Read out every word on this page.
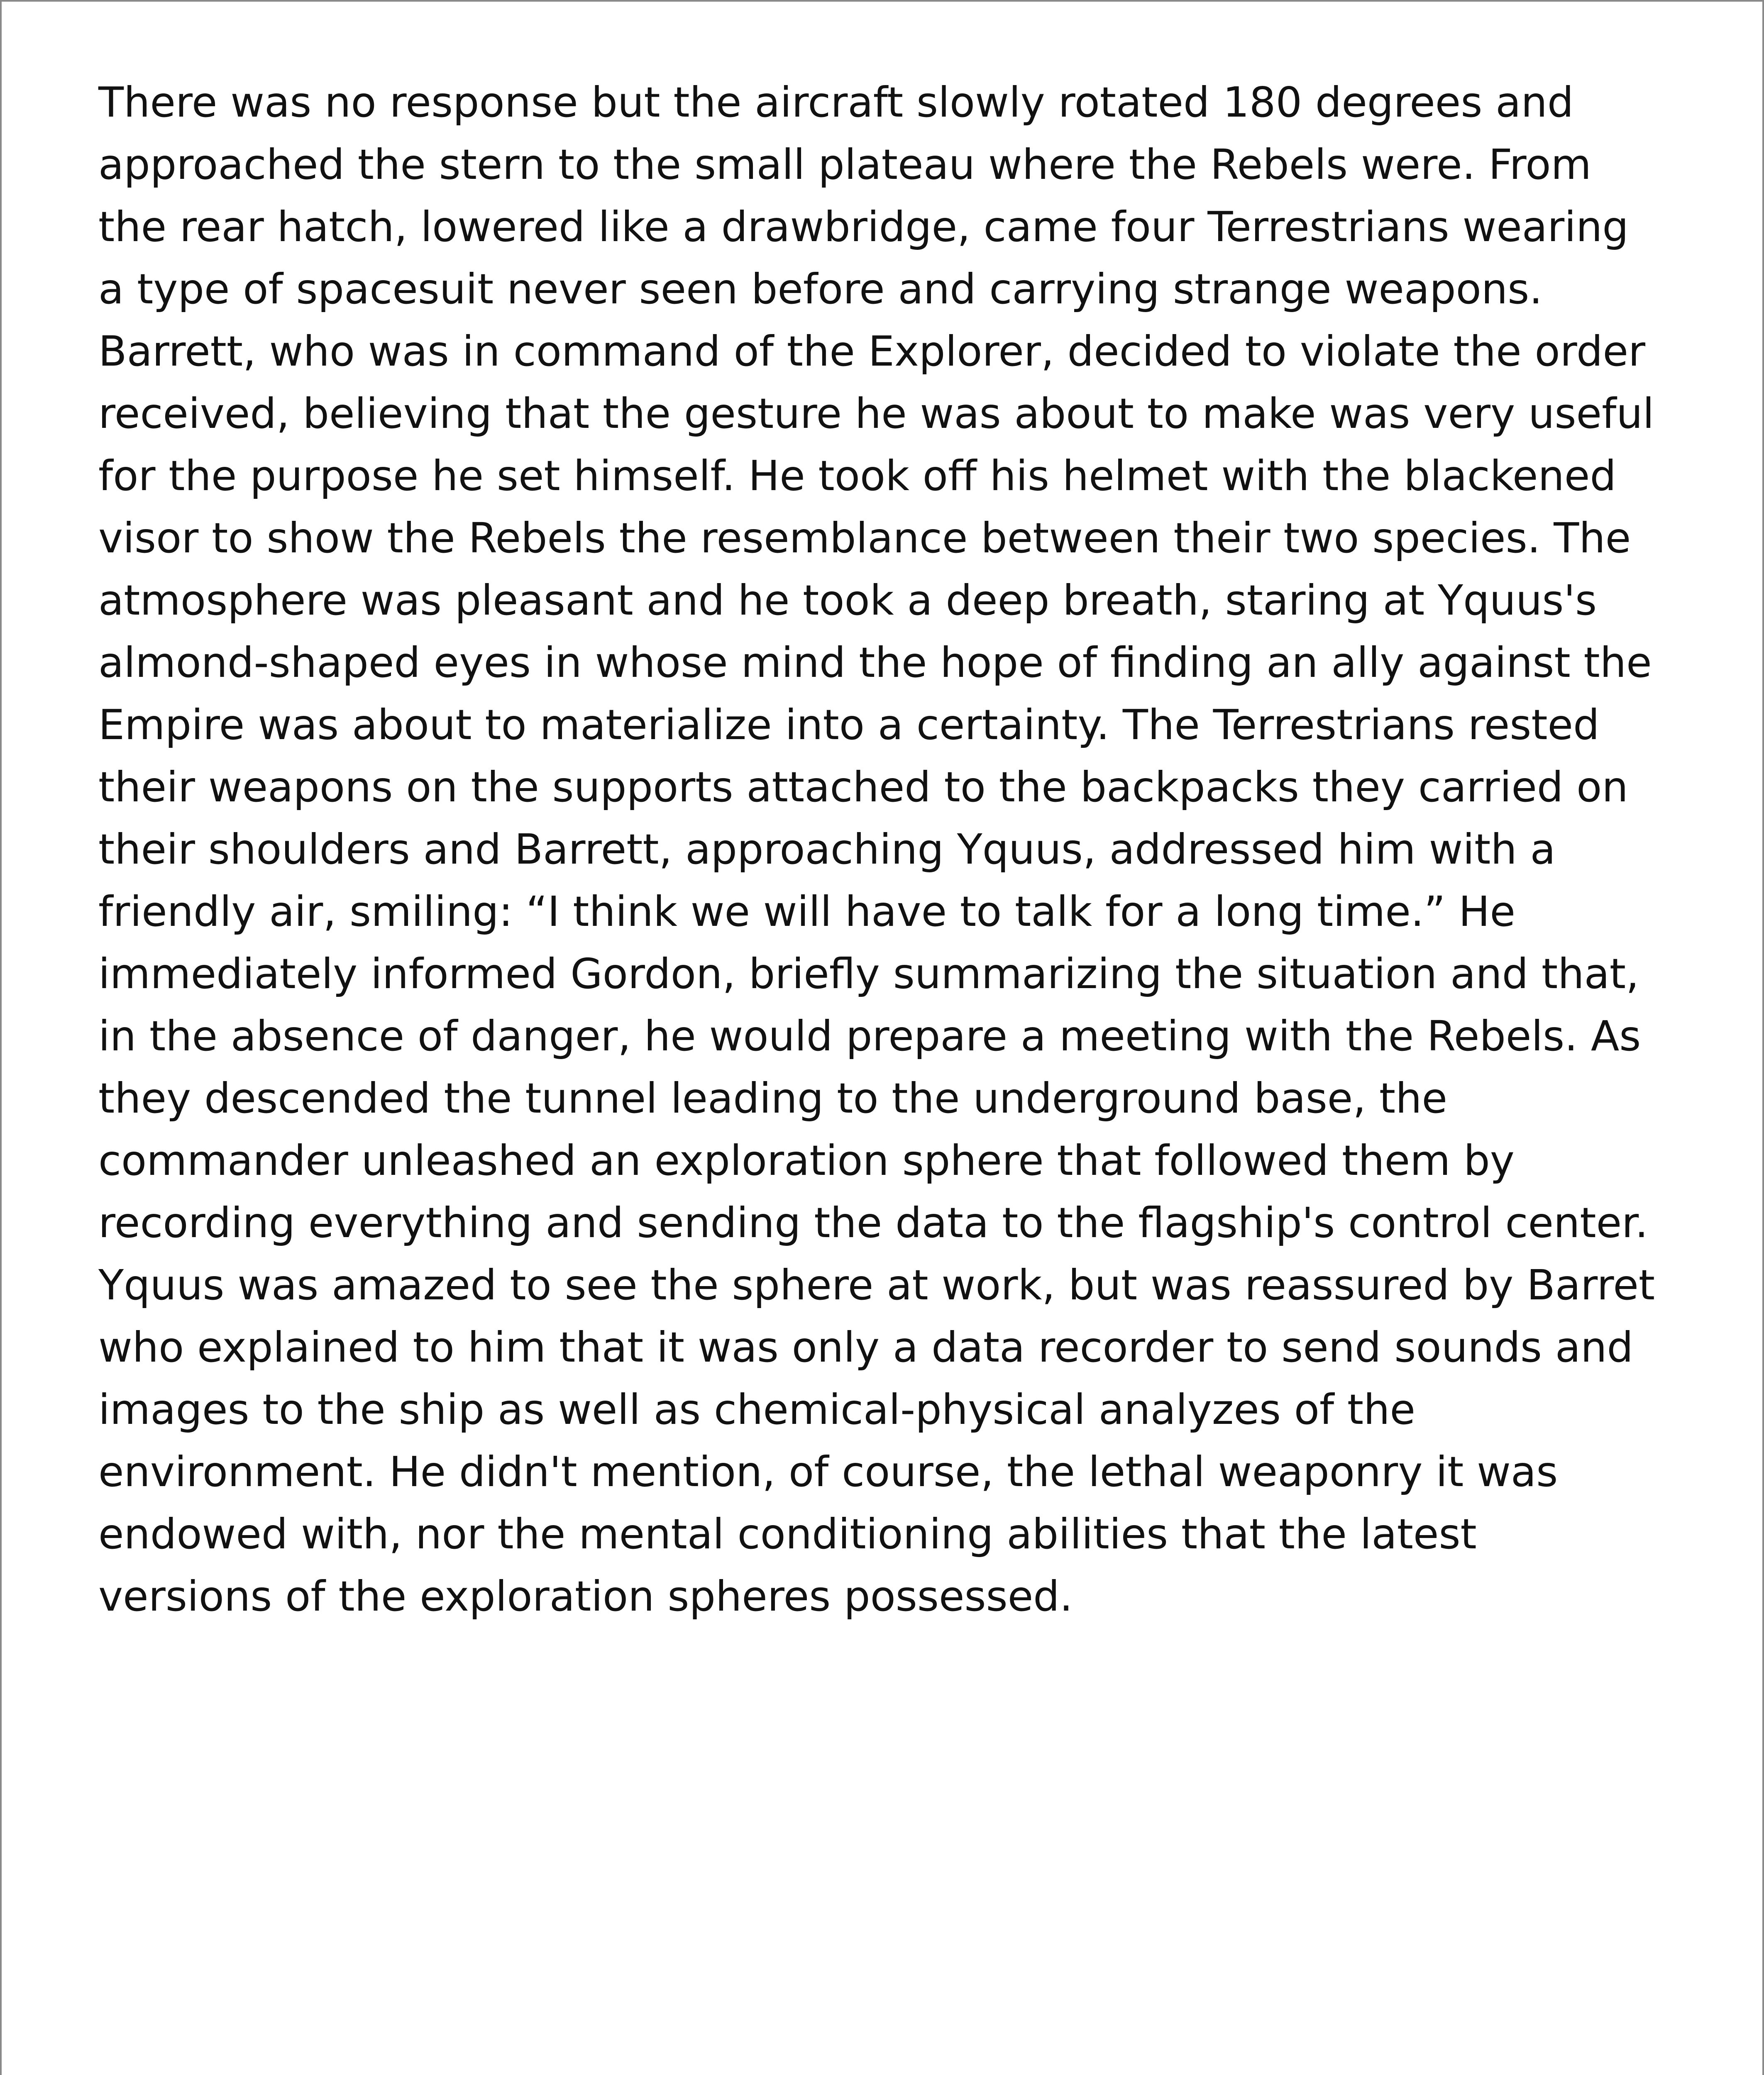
There was no response but the aircraft slowly rotated 180 degrees and
approached the stern to the small plateau where the Rebels were. From
the rear hatch, lowered like a drawbridge, came four Terrestrians wearing
a type of spacesuit never seen before and carrying strange weapons.
Barrett, who was in command of the Explorer, decided to violate the order
received, believing that the gesture he was about to make was very useful
for the purpose he set himself. He took off his helmet with the blackened
visor to show the Rebels the resemblance between their two species. The
atmosphere was pleasant and he took a deep breath, staring at Yquus's
almond-shaped eyes in whose mind the hope of finding an ally against the
Empire was about to materialize into a certainty. The Terrestrians rested
their weapons on the supports attached to the backpacks they carried on
their shoulders and Barrett, approaching Yquus, addressed him with a
friendly air, smiling: “I think we will have to talk for a long time.” He
immediately informed Gordon, briefly summarizing the situation and that,
in the absence of danger, he would prepare a meeting with the Rebels. As
they descended the tunnel leading to the underground base, the
commander unleashed an exploration sphere that followed them by
recording everything and sending the data to the flagship's control center.
Yquus was amazed to see the sphere at work, but was reassured by Barret
who explained to him that it was only a data recorder to send sounds and
images to the ship as well as chemical-physical analyzes of the
environment. He didn't mention, of course, the lethal weaponry it was
endowed with, nor the mental conditioning abilities that the latest
versions of the exploration spheres possessed.
